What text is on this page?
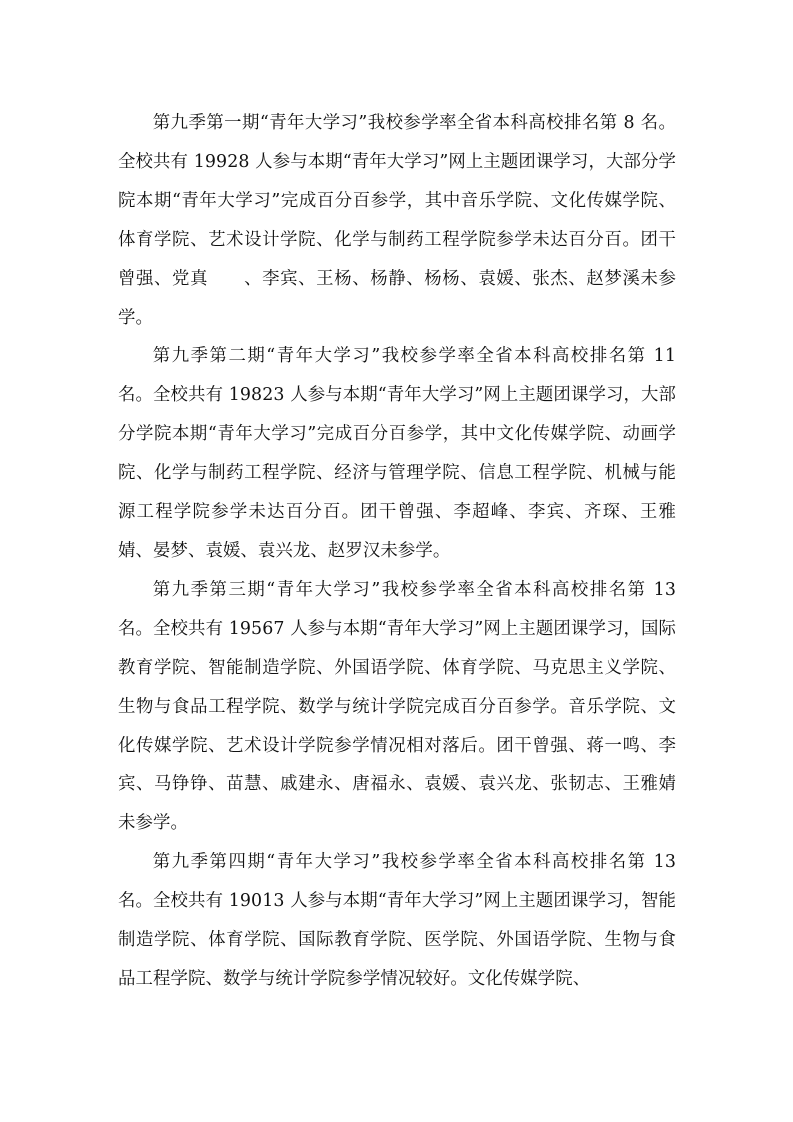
第九季第一期“青年大学习”我校参学率全省本科高校排名第 8 名。全校共有 19928 人参与本期“青年大学习”网上主题团课学习，大部分学院本期“青年大学习”完成百分百参学，其中音乐学院、文化传媒学院、体育学院、艺术设计学院、化学与制药工程学院参学未达百分百。团干曾强、党真　　、李宾、王杨、杨静、杨杨、袁媛、张杰、赵梦溪未参学。

第九季第二期“青年大学习”我校参学率全省本科高校排名第 11 名。全校共有 19823 人参与本期“青年大学习”网上主题团课学习，大部分学院本期“青年大学习”完成百分百参学，其中文化传媒学院、动画学院、化学与制药工程学院、经济与管理学院、信息工程学院、机械与能源工程学院参学未达百分百。团干曾强、李超峰、李宾、齐琛、王雅婧、晏梦、袁媛、袁兴龙、赵罗汉未参学。

第九季第三期“青年大学习”我校参学率全省本科高校排名第 13 名。全校共有 19567 人参与本期“青年大学习”网上主题团课学习，国际教育学院、智能制造学院、外国语学院、体育学院、马克思主义学院、生物与食品工程学院、数学与统计学院完成百分百参学。音乐学院、文化传媒学院、艺术设计学院参学情况相对落后。团干曾强、蒋一鸣、李宾、马铮铮、苗慧、戚建永、唐福永、袁媛、袁兴龙、张韧志、王雅婧未参学。

第九季第四期“青年大学习”我校参学率全省本科高校排名第 13 名。全校共有 19013 人参与本期“青年大学习”网上主题团课学习，智能制造学院、体育学院、国际教育学院、医学院、外国语学院、生物与食品工程学院、数学与统计学院参学情况较好。文化传媒学院、
